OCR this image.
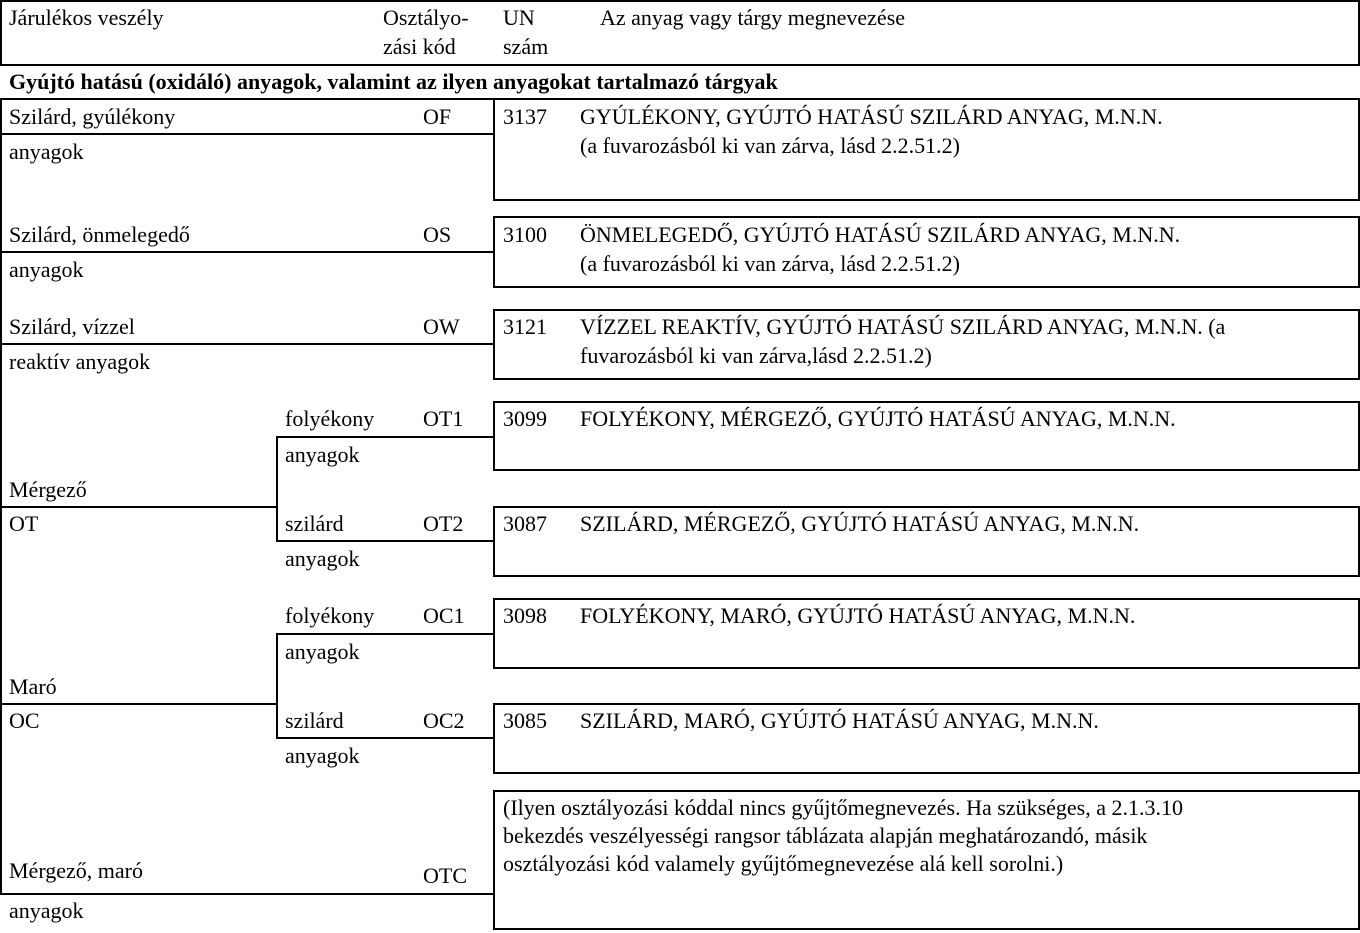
Járulékos veszély	Osztályo-
zási kód
UN
szám
Az anyag vagy tárgy megnevezése
Gyújtó hatású (oxidáló) anyagok, valamint az ilyen anyagokat tartalmazó tárgyak
Szilárd, gyúlékony
anyagok
OF 3137 GYÚLÉKONY, GYÚJTÓ HATÁSÚ SZILÁRD ANYAG, M.N.N.
(a fuvarozásból ki van zárva, lásd 2.2.51.2)
Szilárd, önmelegedő
anyagok
OS 3100 ÖNMELEGEDŐ, GYÚJTÓ HATÁSÚ SZILÁRD ANYAG, M.N.N.
(a fuvarozásból ki van zárva, lásd 2.2.51.2)
Szilárd, vízzel
reaktív anyagok
OW 3121 VÍZZEL REAKTÍV, GYÚJTÓ HATÁSÚ SZILÁRD ANYAG, M.N.N. (a
fuvarozásból ki van zárva,lásd 2.2.51.2)
Mérgező
OT
folyékony
anyagok
OT1 3099 FOLYÉKONY, MÉRGEZŐ, GYÚJTÓ HATÁSÚ ANYAG, M.N.N.
szilárd
anyagok
OT2 3087 SZILÁRD, MÉRGEZŐ, GYÚJTÓ HATÁSÚ ANYAG, M.N.N.
Maró
OC
folyékony
anyagok
OC1 3098 FOLYÉKONY, MARÓ, GYÚJTÓ HATÁSÚ ANYAG, M.N.N.
szilárd
anyagok
OC2 3085 SZILÁRD, MARÓ, GYÚJTÓ HATÁSÚ ANYAG, M.N.N.
Mérgező, maró
anyagok
OTC
(Ilyen osztályozási kóddal nincs gyűjtőmegnevezés. Ha szükséges, a 2.1.3.10
bekezdés veszélyességi rangsor táblázata alapján meghatározandó, másik
osztályozási kód valamely gyűjtőmegnevezése alá kell sorolni.)
